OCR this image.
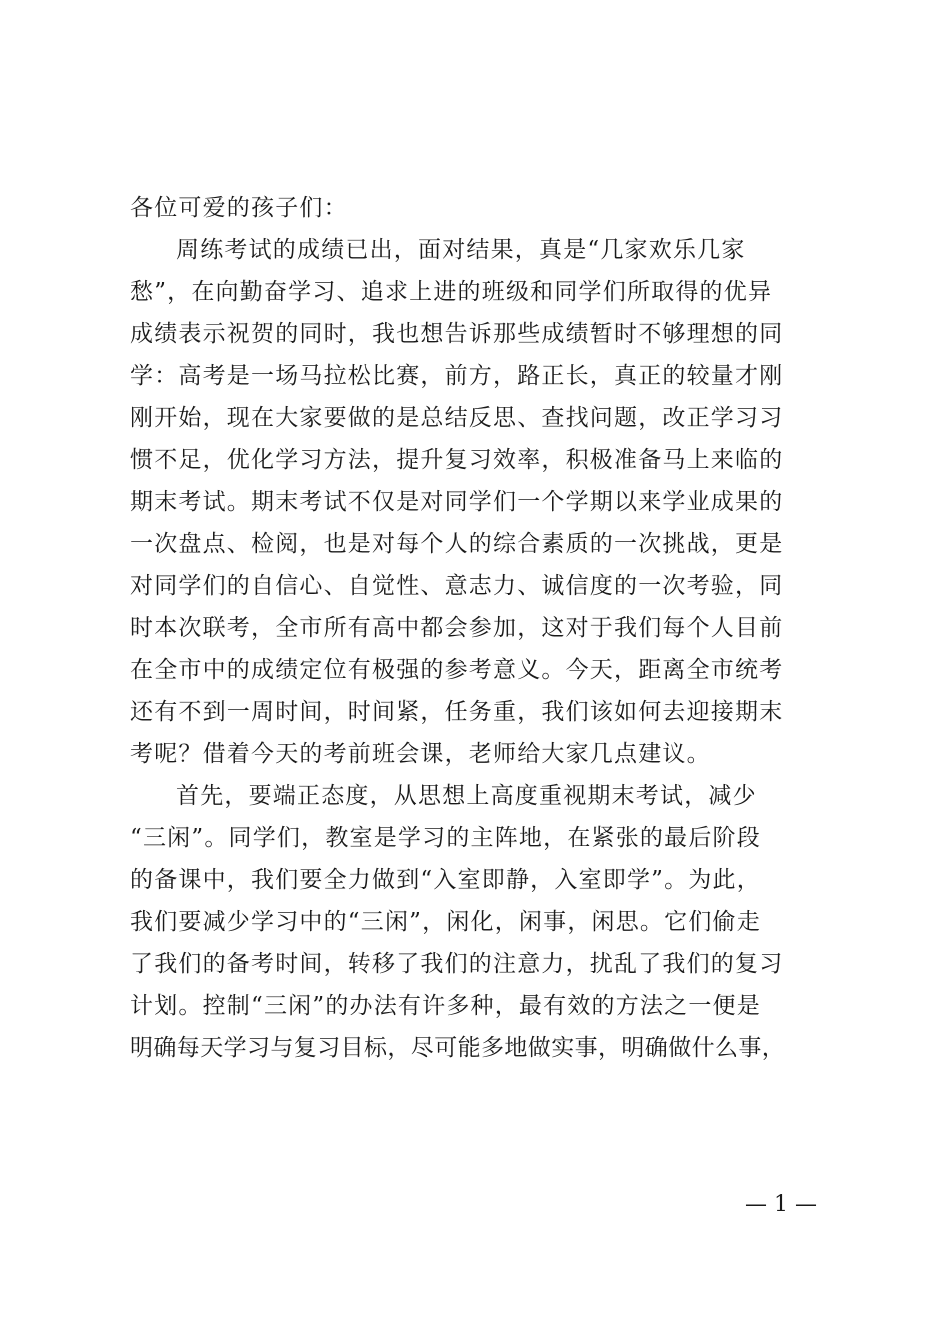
各位可爱的孩子们：
周练考试的成绩已出，面对结果，真是“几家欢乐几家
愁”，在向勤奋学习、追求上进的班级和同学们所取得的优异
成绩表示祝贺的同时，我也想告诉那些成绩暂时不够理想的同
学：高考是一场马拉松比赛，前方，路正长，真正的较量才刚
刚开始，现在大家要做的是总结反思、查找问题，改正学习习
惯不足，优化学习方法，提升复习效率，积极准备马上来临的
期末考试。期末考试不仅是对同学们一个学期以来学业成果的
一次盘点、检阅，也是对每个人的综合素质的一次挑战，更是
对同学们的自信心、自觉性、意志力、诚信度的一次考验，同
时本次联考，全市所有高中都会参加，这对于我们每个人目前
在全市中的成绩定位有极强的参考意义。今天，距离全市统考
还有不到一周时间，时间紧，任务重，我们该如何去迎接期末
考呢？借着今天的考前班会课，老师给大家几点建议。
首先，要端正态度，从思想上高度重视期末考试，减少
“三闲”。同学们，教室是学习的主阵地，在紧张的最后阶段
的备课中，我们要全力做到“入室即静，入室即学”。为此，
我们要减少学习中的“三闲”，闲化，闲事，闲思。它们偷走
了我们的备考时间，转移了我们的注意力，扰乱了我们的复习
计划。控制“三闲”的办法有许多种，最有效的方法之一便是
明确每天学习与复习目标，尽可能多地做实事，明确做什么事，
— 1 —
